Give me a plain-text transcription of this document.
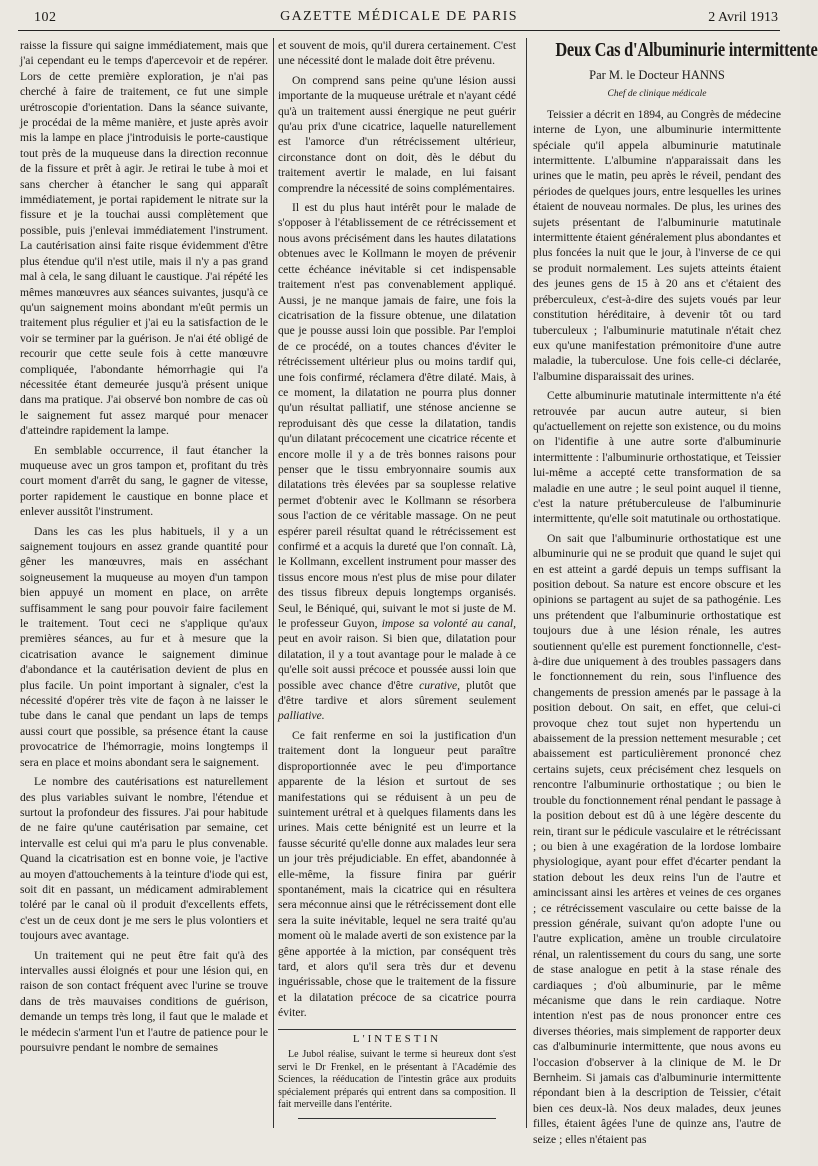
102	GAZETTE MÉDICALE DE PARIS	2 Avril 1913

raisse la fissure qui saigne immédiatement, mais que j'ai cependant eu le temps d'apercevoir et de repérer. Lors de cette première exploration, je n'ai pas cherché à faire de traitement, ce fut une simple urétroscopie d'orientation. Dans la séance suivante, je procédai de la même manière, et juste après avoir mis la lampe en place j'introduisis le porte-caustique tout près de la muqueuse dans la direction reconnue de la fissure et prêt à agir. Je retirai le tube à moi et sans chercher à étancher le sang qui apparaît immédiatement, je portai rapidement le nitrate sur la fissure et je la touchai aussi complètement que possible, puis j'enlevai immédiatement l'instrument. La cautérisation ainsi faite risque évidemment d'être plus étendue qu'il n'est utile, mais il n'y a pas grand mal à cela, le sang diluant le caustique. J'ai répété les mêmes manœuvres aux séances suivantes, jusqu'à ce qu'un saignement moins abondant m'eût permis un traitement plus régulier et j'ai eu la satisfaction de le voir se terminer par la guérison. Je n'ai été obligé de recourir que cette seule fois à cette manœuvre compliquée, l'abondante hémorrhagie qui l'a nécessitée étant demeurée jusqu'à présent unique dans ma pratique. J'ai observé bon nombre de cas où le saignement fut assez marqué pour menacer d'atteindre rapidement la lampe.

En semblable occurrence, il faut étancher la muqueuse avec un gros tampon et, profitant du très court moment d'arrêt du sang, le gagner de vitesse, porter rapidement le caustique en bonne place et enlever aussitôt l'instrument.

Dans les cas les plus habituels, il y a un saignement toujours en assez grande quantité pour gêner les manœuvres, mais en asséchant soigneusement la muqueuse au moyen d'un tampon bien appuyé un moment en place, on arrête suffisamment le sang pour pouvoir faire facilement le traitement. Tout ceci ne s'applique qu'aux premières séances, au fur et à mesure que la cicatrisation avance le saignement diminue d'abondance et la cautérisation devient de plus en plus facile. Un point important à signaler, c'est la nécessité d'opérer très vite de façon à ne laisser le tube dans le canal que pendant un laps de temps aussi court que possible, sa présence étant la cause provocatrice de l'hémorragie, moins longtemps il sera en place et moins abondant sera le saignement.

Le nombre des cautérisations est naturellement des plus variables suivant le nombre, l'étendue et surtout la profondeur des fissures. J'ai pour habitude de ne faire qu'une cautérisation par semaine, cet intervalle est celui qui m'a paru le plus convenable. Quand la cicatrisation est en bonne voie, je l'active au moyen d'attouchements à la teinture d'iode qui est, soit dit en passant, un médicament admirablement toléré par le canal où il produit d'excellents effets, c'est un de ceux dont je me sers le plus volontiers et toujours avec avantage.

Un traitement qui ne peut être fait qu'à des intervalles aussi éloignés et pour une lésion qui, en raison de son contact fréquent avec l'urine se trouve dans de très mauvaises conditions de guérison, demande un temps très long, il faut que le malade et le médecin s'arment l'un et l'autre de patience pour le poursuivre pendant le nombre de semaines

et souvent de mois, qu'il durera certainement. C'est une nécessité dont le malade doit être prévenu.

On comprend sans peine qu'une lésion aussi importante de la muqueuse urétrale et n'ayant cédé qu'à un traitement aussi énergique ne peut guérir qu'au prix d'une cicatrice, laquelle naturellement est l'amorce d'un rétrécissement ultérieur, circonstance dont on doit, dès le début du traitement avertir le malade, en lui faisant comprendre la nécessité de soins complémentaires.

Il est du plus haut intérêt pour le malade de s'opposer à l'établissement de ce rétrécissement et nous avons précisément dans les hautes dilatations obtenues avec le Kollmann le moyen de prévenir cette échéance inévitable si cet indispensable traitement n'est pas convenablement appliqué. Aussi, je ne manque jamais de faire, une fois la cicatrisation de la fissure obtenue, une dilatation que je pousse aussi loin que possible. Par l'emploi de ce procédé, on a toutes chances d'éviter le rétrécissement ultérieur plus ou moins tardif qui, une fois confirmé, réclamera d'être dilaté. Mais, à ce moment, la dilatation ne pourra plus donner qu'un résultat palliatif, une sténose ancienne se reproduisant dès que cesse la dilatation, tandis qu'un dilatant précocement une cicatrice récente et encore molle il y a de très bonnes raisons pour penser que le tissu embryonnaire soumis aux dilatations très élevées par sa souplesse relative permet d'obtenir avec le Kollmann se résorbera sous l'action de ce véritable massage. On ne peut espérer pareil résultat quand le rétrécissement est confirmé et a acquis la dureté que l'on connaît. Là, le Kollmann, excellent instrument pour masser des tissus encore mous n'est plus de mise pour dilater des tissus fibreux depuis longtemps organisés. Seul, le Béniqué, qui, suivant le mot si juste de M. le professeur Guyon, impose sa volonté au canal, peut en avoir raison. Si bien que, dilatation pour dilatation, il y a tout avantage pour le malade à ce qu'elle soit aussi précoce et poussée aussi loin que possible avec chance d'être curative, plutôt que d'être tardive et alors sûrement seulement palliative.

Ce fait renferme en soi la justification d'un traitement dont la longueur peut paraître disproportionnée avec le peu d'importance apparente de la lésion et surtout de ses manifestations qui se réduisent à un peu de suintement urétral et à quelques filaments dans les urines. Mais cette bénignité est un leurre et la fausse sécurité qu'elle donne aux malades leur sera un jour très préjudiciable. En effet, abandonnée à elle-même, la fissure finira par guérir spontanément, mais la cicatrice qui en résultera sera méconnue ainsi que le rétrécissement dont elle sera la suite inévitable, lequel ne sera traité qu'au moment où le malade averti de son existence par la gêne apportée à la miction, par conséquent très tard, et alors qu'il sera très dur et devenu inguérissable, chose que le traitement de la fissure et la dilatation précoce de sa cicatrice pourra éviter.

L'INTESTIN

Le Jubol réalise, suivant le terme si heureux dont s'est servi le Dr Frenkel, en le présentant à l'Académie des Sciences, la rééducation de l'intestin grâce aux produits spécialement préparés qui entrent dans sa composition. Il fait merveille dans l'entérite.

Deux Cas d'Albuminurie intermittente

Par M. le Docteur HANNS

Chef de clinique médicale

Teissier a décrit en 1894, au Congrès de médecine interne de Lyon, une albuminurie intermittente spéciale qu'il appela albuminurie matutinale intermittente. L'albumine n'apparaissait dans les urines que le matin, peu après le réveil, pendant des périodes de quelques jours, entre lesquelles les urines étaient de nouveau normales. De plus, les urines des sujets présentant de l'albuminurie matutinale intermittente étaient généralement plus abondantes et plus foncées la nuit que le jour, à l'inverse de ce qui se produit normalement. Les sujets atteints étaient des jeunes gens de 15 à 20 ans et c'étaient des préberculeux, c'est-à-dire des sujets voués par leur constitution héréditaire, à devenir tôt ou tard tuberculeux ; l'albuminurie matutinale n'était chez eux qu'une manifestation prémonitoire d'une autre maladie, la tuberculose. Une fois celle-ci déclarée, l'albumine disparaissait des urines.

Cette albuminurie matutinale intermittente n'a été retrouvée par aucun autre auteur, si bien qu'actuellement on rejette son existence, ou du moins on l'identifie à une autre sorte d'albuminurie intermittente : l'albuminurie orthostatique, et Teissier lui-même a accepté cette transformation de sa maladie en une autre ; le seul point auquel il tienne, c'est la nature prétuberculeuse de l'albuminurie intermittente, qu'elle soit matutinale ou orthostatique.

On sait que l'albuminurie orthostatique est une albuminurie qui ne se produit que quand le sujet qui en est atteint a gardé depuis un temps suffisant la position debout. Sa nature est encore obscure et les opinions se partagent au sujet de sa pathogénie. Les uns prétendent que l'albuminurie orthostatique est toujours due à une lésion rénale, les autres soutiennent qu'elle est purement fonctionnelle, c'est-à-dire due uniquement à des troubles passagers dans le fonctionnement du rein, sous l'influence des changements de pression amenés par le passage à la position debout. On sait, en effet, que celui-ci provoque chez tout sujet non hypertendu un abaissement de la pression nettement mesurable ; cet abaissement est particulièrement prononcé chez certains sujets, ceux précisément chez lesquels on rencontre l'albuminurie orthostatique ; ou bien le trouble du fonctionnement rénal pendant le passage à la position debout est dû à une légère descente du rein, tirant sur le pédicule vasculaire et le rétrécissant ; ou bien à une exagération de la lordose lombaire physiologique, ayant pour effet d'écarter pendant la station debout les deux reins l'un de l'autre et amincissant ainsi les artères et veines de ces organes ; ce rétrécissement vasculaire ou cette baisse de la pression générale, suivant qu'on adopte l'une ou l'autre explication, amène un trouble circulatoire rénal, un ralentissement du cours du sang, une sorte de stase analogue en petit à la stase rénale des cardiaques ; d'où albuminurie, par le même mécanisme que dans le rein cardiaque. Notre intention n'est pas de nous prononcer entre ces diverses théories, mais simplement de rapporter deux cas d'albuminurie intermittente, que nous avons eu l'occasion d'observer à la clinique de M. le Dr Bernheim. Si jamais cas d'albuminurie intermittente répondant bien à la description de Teissier, c'était bien ces deux-là. Nos deux malades, deux jeunes filles, étaient âgées l'une de quinze ans, l'autre de seize ; elles n'étaient pas
